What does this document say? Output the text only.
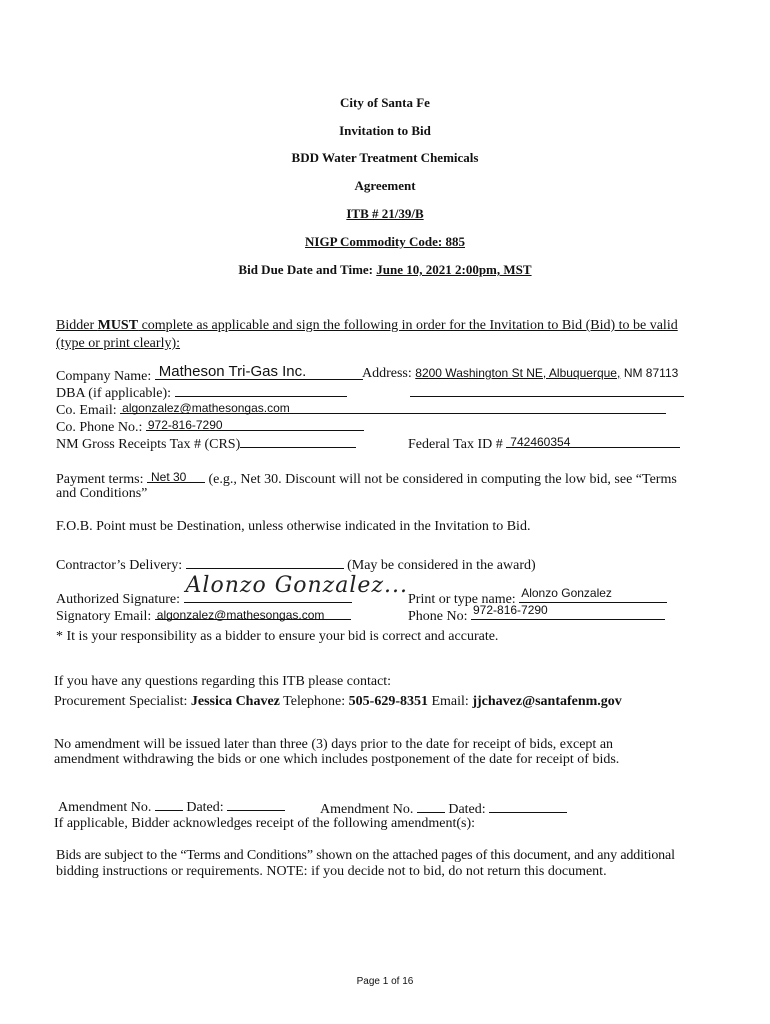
City of Santa Fe
Invitation to Bid
BDD Water Treatment Chemicals
Agreement
ITB # 21/39/B
NIGP Commodity Code: 885
Bid Due Date and Time: June 10, 2021 2:00pm, MST
Bidder MUST complete as applicable and sign the following in order for the Invitation to Bid (Bid) to be valid
(type or print clearly):
Company Name: Matheson Tri-Gas Inc.	Address: 8200 Washington St NE, Albuquerque, NM 87113
DBA (if applicable):
Co. Email: algonzalez@mathesongas.com
Co. Phone No.: 972-816-7290
NM Gross Receipts Tax # (CRS)	Federal Tax ID # 742460354
Payment terms: Net 30 (e.g., Net 30. Discount will not be considered in computing the low bid, see “Terms
and Conditions”
F.O.B. Point must be Destination, unless otherwise indicated in the Invitation to Bid.
Contractor’s Delivery:	(May be considered in the award)
Authorized Signature:
Alonzo Gonzalez...
Print or type name: Alonzo Gonzalez
Signatory Email: algonzalez@mathesongas.com	Phone No: 972-816-7290
* It is your responsibility as a bidder to ensure your bid is correct and accurate.
If you have any questions regarding this ITB please contact:
Procurement Specialist: Jessica Chavez Telephone: 505-629-8351 Email: jjchavez@santafenm.gov
No amendment will be issued later than three (3) days prior to the date for receipt of bids, except an
amendment withdrawing the bids or one which includes postponement of the date for receipt of bids.
Amendment No.  Dated:	Amendment No.  Dated:
If applicable, Bidder acknowledges receipt of the following amendment(s):
Bids are subject to the “Terms and Conditions” shown on the attached pages of this document, and any additional
bidding instructions or requirements. NOTE: if you decide not to bid, do not return this document.
Page 1 of 16
